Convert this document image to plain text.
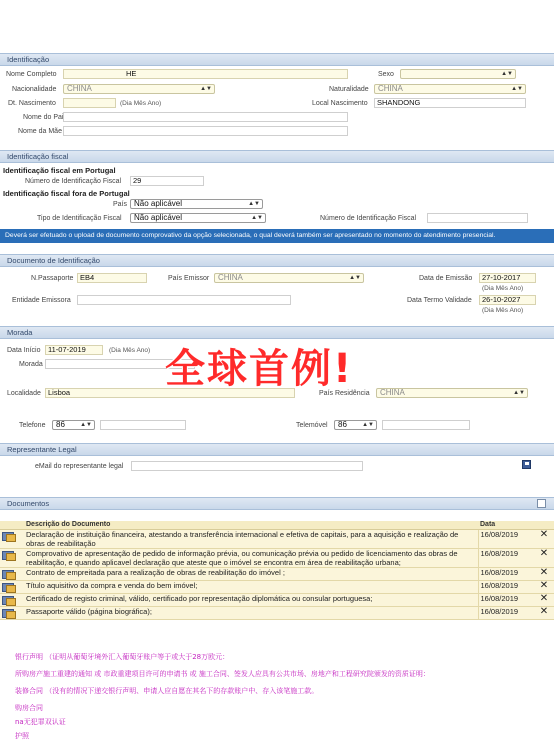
Identificação
Nome Completo	HE	Sexo	▲▼
Nacionalidade	CHINA	▲▼	Naturalidade	CHINA	▲▼
Dt. Nascimento	(Dia Mês Ano)	Local Nascimento	SHANDONG
Nome do Pai
Nome da Mãe
Identificação fiscal
Identificação fiscal em Portugal
Número de Identificação Fiscal	29
Identificação fiscal fora de Portugal
País Não aplicável	▲▼
Tipo de Identificação Fiscal	Não aplicável	▲▼	Número de Identificação Fiscal
Deverá ser efetuado o upload de documento comprovativo da opção selecionada, o qual deverá também ser apresentado no momento do atendimento presencial.
Documento de Identificação
N.Passaporte EB4	País Emissor	CHINA	▲▼	Data de Emissão	27-10-2017
(Dia Mês Ano)
Entidade Emissora	Data Termo Validade	26-10-2027
(Dia Mês Ano)
Morada
Data Início	11-07-2019	(Dia Mês Ano)
Morada
Localidade Lisboa	País Residência	CHINA	▲▼
Telefone	86	▲▼	Telemóvel	86	▲▼
全球首例!
Representante Legal
eMail do representante legal
Documentos
	Descrição do Documento	Data	
	Declaração de instituição financeira, atestando a transferência internacional e efetiva de capitais, para a aquisição e realização de obras de reabilitação	16/08/2019	✕
	Comprovativo de apresentação de pedido de informação prévia, ou comunicação prévia ou pedido de licenciamento das obras de reabilitação, e quando aplicavel declaração que ateste que o imóvel se encontra em área de reabilitação urbana;	16/08/2019	✕
	Contrato de empreitada para a realização de obras de reabilitação do imóvel ;	16/08/2019	✕
	Título aquisitivo da compra e venda do bem imóvel;	16/08/2019	✕
	Certificado de registo criminal, válido, certificado por representação diplomática ou consular portuguesa;	16/08/2019	✕
	Passaporte válido (página biográfica);	16/08/2019	✕
银行声明 （证明从葡萄牙境外汇入葡萄牙账户等于或大于28万欧元：
所购房产施工重建的通知 或 市政重建项目许可的申请书 或 施工合同、签发人应具有公共市场、房地产和工程研究院颁发的资质证明：
装修合同 （没有的情况下递交银行声明、申请人应自愿在其名下的存款账户中、存入该笔施工款。
购房合同
na无犯罪双认证
护照
